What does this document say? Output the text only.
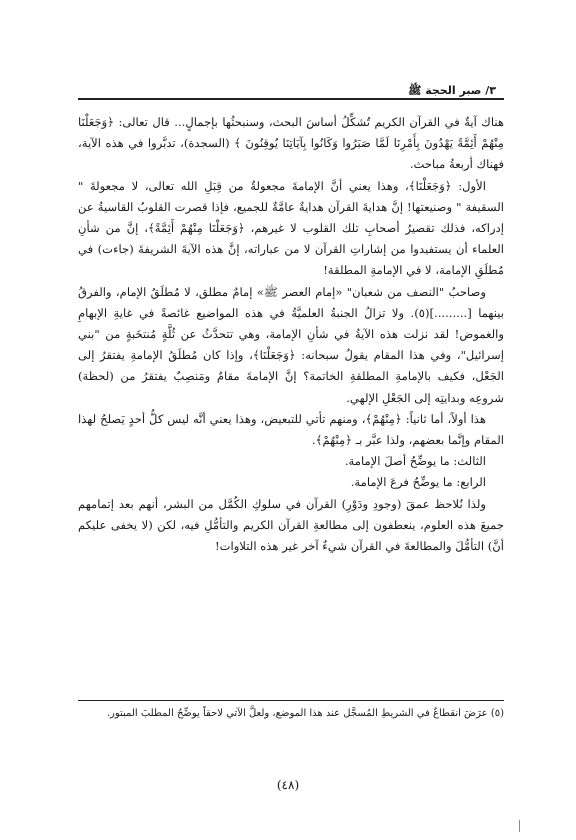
٣/ صبر الحجة ﷺ

هناك آيةٌ في القرآن الكريم تُشكِّلُ أساسَ البحث، وسنبحثُها بإجمالٍ... قال تعالى: ﴿وَجَعَلْنَا مِنْهُمْ أَئِمَّةً يَهْدُونَ بِأَمْرِنَا لَمَّا صَبَرُوا وَكَانُوا بِآيَاتِنَا يُوقِنُونَ ﴾ (السجدة)، تدبَّروا في هذه الآية، فهناك أربعةُ مباحث.

الأول: ﴿وَجَعَلْنَا﴾، وهذا يعني أنَّ الإمامةَ مجعولةٌ من قِبَلِ الله تعالى، لا مجعولةَ " السقيفة " وصنيعتها! إنَّ هدايةَ القرآن هدايةٌ عامَّةٌ للجميع، فإذا قصرت القلوبُ القاسيةُ عن إدراكه، فذلك تقصيرُ أصحابِ تلك القلوب لا غيرهم، ﴿وَجَعَلْنَا مِنْهُمْ أَئِمَّةً﴾، إنَّ من شأنِ العلماء أن يستفيدوا من إشاراتِ القرآن لا من عباراته، إنَّ هذه الآيةَ الشريفةَ (جاءت) في مُطلَقِ الإمامة، لا في الإمامةِ المطلقة!

وصاحبُ "النصف من شعبان" «إمام العصر ﷺ» إمامٌ مطلق، لا مُطلَقُ الإمام، والفرقُ بينهما [.........](٥). ولا تزالُ الجنبةُ العلميَّةُ في هذه المواضيع غائصةً في غايةِ الإبهامِ والغموض! لقد نزلت هذه الآيةُ في شأنِ الإمامة، وهي تتحدَّثُ عن ثُلَّةٍ مُنتخَبةٍ من "بني إسرائيل"، وفي هذا المقام يقولُ سبحانه: ﴿وَجَعَلْنَا﴾، وإذا كان مُطلَقُ الإمامةِ يفتقرُ إلى الجَعْل، فكيف بالإمامةِ المطلقةِ الخاتمة؟ إنَّ الإمامةَ مقامٌ ومَنصِبٌ يفتقرُ من (لحظة) شروعِه وبدايتِه إلى الجَعْلِ الإلهي.

هذا أولاً، أما ثانياً: ﴿مِنْهُمْ﴾، ومنهم تأتي للتبعيض، وهذا يعني أنَّه ليس كلُّ أحدٍ يَصلحُ لهذا المقام وإنَّما بعضهم، ولذا عبَّر بـ ﴿مِنْهُمْ﴾.

الثالث: ما يوضِّحُ أصلَ الإمامة.

الرابع: ما يوضِّحُ فرعَ الإمامة.

ولذا نُلاحظ عمقَ (وجودِ ودَوْرِ) القرآن في سلوكِ الكُمَّل من البشر، أنهم بعد إتمامهم جميعَ هذه العلوم، ينعطفون إلى مطالعةِ القرآن الكريم والتأمُّلِ فيه، لكن (لا يخفى عليكم أنَّ) التأمُّلَ والمطالعةَ في القرآن شيءٌ آخر غير هذه التلاوات!

(٥) عرَضَ انقطاعٌ في الشريطِ المُسجَّل عند هذا الموضع، ولعلَّ الآتي لاحقاً يوضِّحُ المطلبَ المبتور.
(٤٨)
